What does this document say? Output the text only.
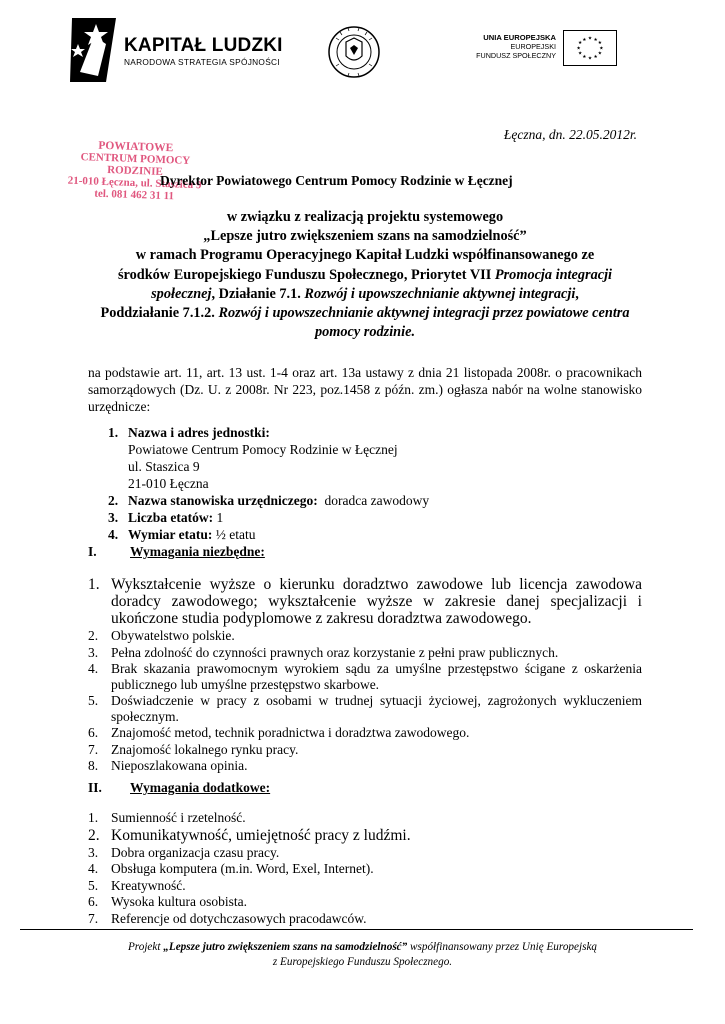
KAPITAŁ LUDZKI
NARODOWA STRATEGIA SPÓJNOŚCI
UNIA EUROPEJSKA
EUROPEJSKI
FUNDUSZ SPOŁECZNY
★ ★
★
★
★
★
★
★
★
★
★
★
Łęczna, dn. 22.05.2012r.
POWIATOWE
CENTRUM POMOCY RODZINIE
21-010 Łęczna, ul. Staszica 9
tel. 081 462 31 11
Dyrektor Powiatowego Centrum Pomocy Rodzinie w Łęcznej
w związku z realizacją projektu systemowego
„Lepsze jutro zwiększeniem szans na samodzielność”
w ramach Programu Operacyjnego Kapitał Ludzki współfinansowanego ze
środków Europejskiego Funduszu Społecznego, Priorytet VII Promocja integracji
społecznej, Działanie 7.1. Rozwój i upowszechnianie aktywnej integracji,
Poddziałanie 7.1.2. Rozwój i upowszechnianie aktywnej integracji przez powiatowe centra
pomocy rodzinie.
na podstawie art. 11, art. 13 ust. 1-4 oraz art. 13a ustawy z dnia 21 listopada 2008r. o pracownikach samorządowych (Dz. U. z 2008r. Nr 223, poz.1458 z późn. zm.) ogłasza nabór na wolne stanowisko urzędnicze:
1. Nazwa i adres jednostki:
Powiatowe Centrum Pomocy Rodzinie w Łęcznej
ul. Staszica 9
21-010 Łęczna
2. Nazwa stanowiska urzędniczego: doradca zawodowy
3. Liczba etatów: 1
4. Wymiar etatu: ½ etatu
I. Wymagania niezbędne:
1. Wykształcenie wyższe o kierunku doradztwo zawodowe lub licencja zawodowa doradcy zawodowego; wykształcenie wyższe w zakresie danej specjalizacji i ukończone studia podyplomowe z zakresu doradztwa zawodowego.
2. Obywatelstwo polskie.
3. Pełna zdolność do czynności prawnych oraz korzystanie z pełni praw publicznych.
4. Brak skazania prawomocnym wyrokiem sądu za umyślne przestępstwo ścigane z oskarżenia publicznego lub umyślne przestępstwo skarbowe.
5. Doświadczenie w pracy z osobami w trudnej sytuacji życiowej, zagrożonych wykluczeniem społecznym.
6. Znajomość metod, technik poradnictwa i doradztwa zawodowego.
7. Znajomość lokalnego rynku pracy.
8. Nieposzlakowana opinia.
II. Wymagania dodatkowe:
1. Sumienność i rzetelność.
2. Komunikatywność, umiejętność pracy z ludźmi.
3. Dobra organizacja czasu pracy.
4. Obsługa komputera (m.in. Word, Exel, Internet).
5. Kreatywność.
6. Wysoka kultura osobista.
7. Referencje od dotychczasowych pracodawców.
Projekt „Lepsze jutro zwiększeniem szans na samodzielność” współfinansowany przez Unię Europejską
z Europejskiego Funduszu Społecznego.
